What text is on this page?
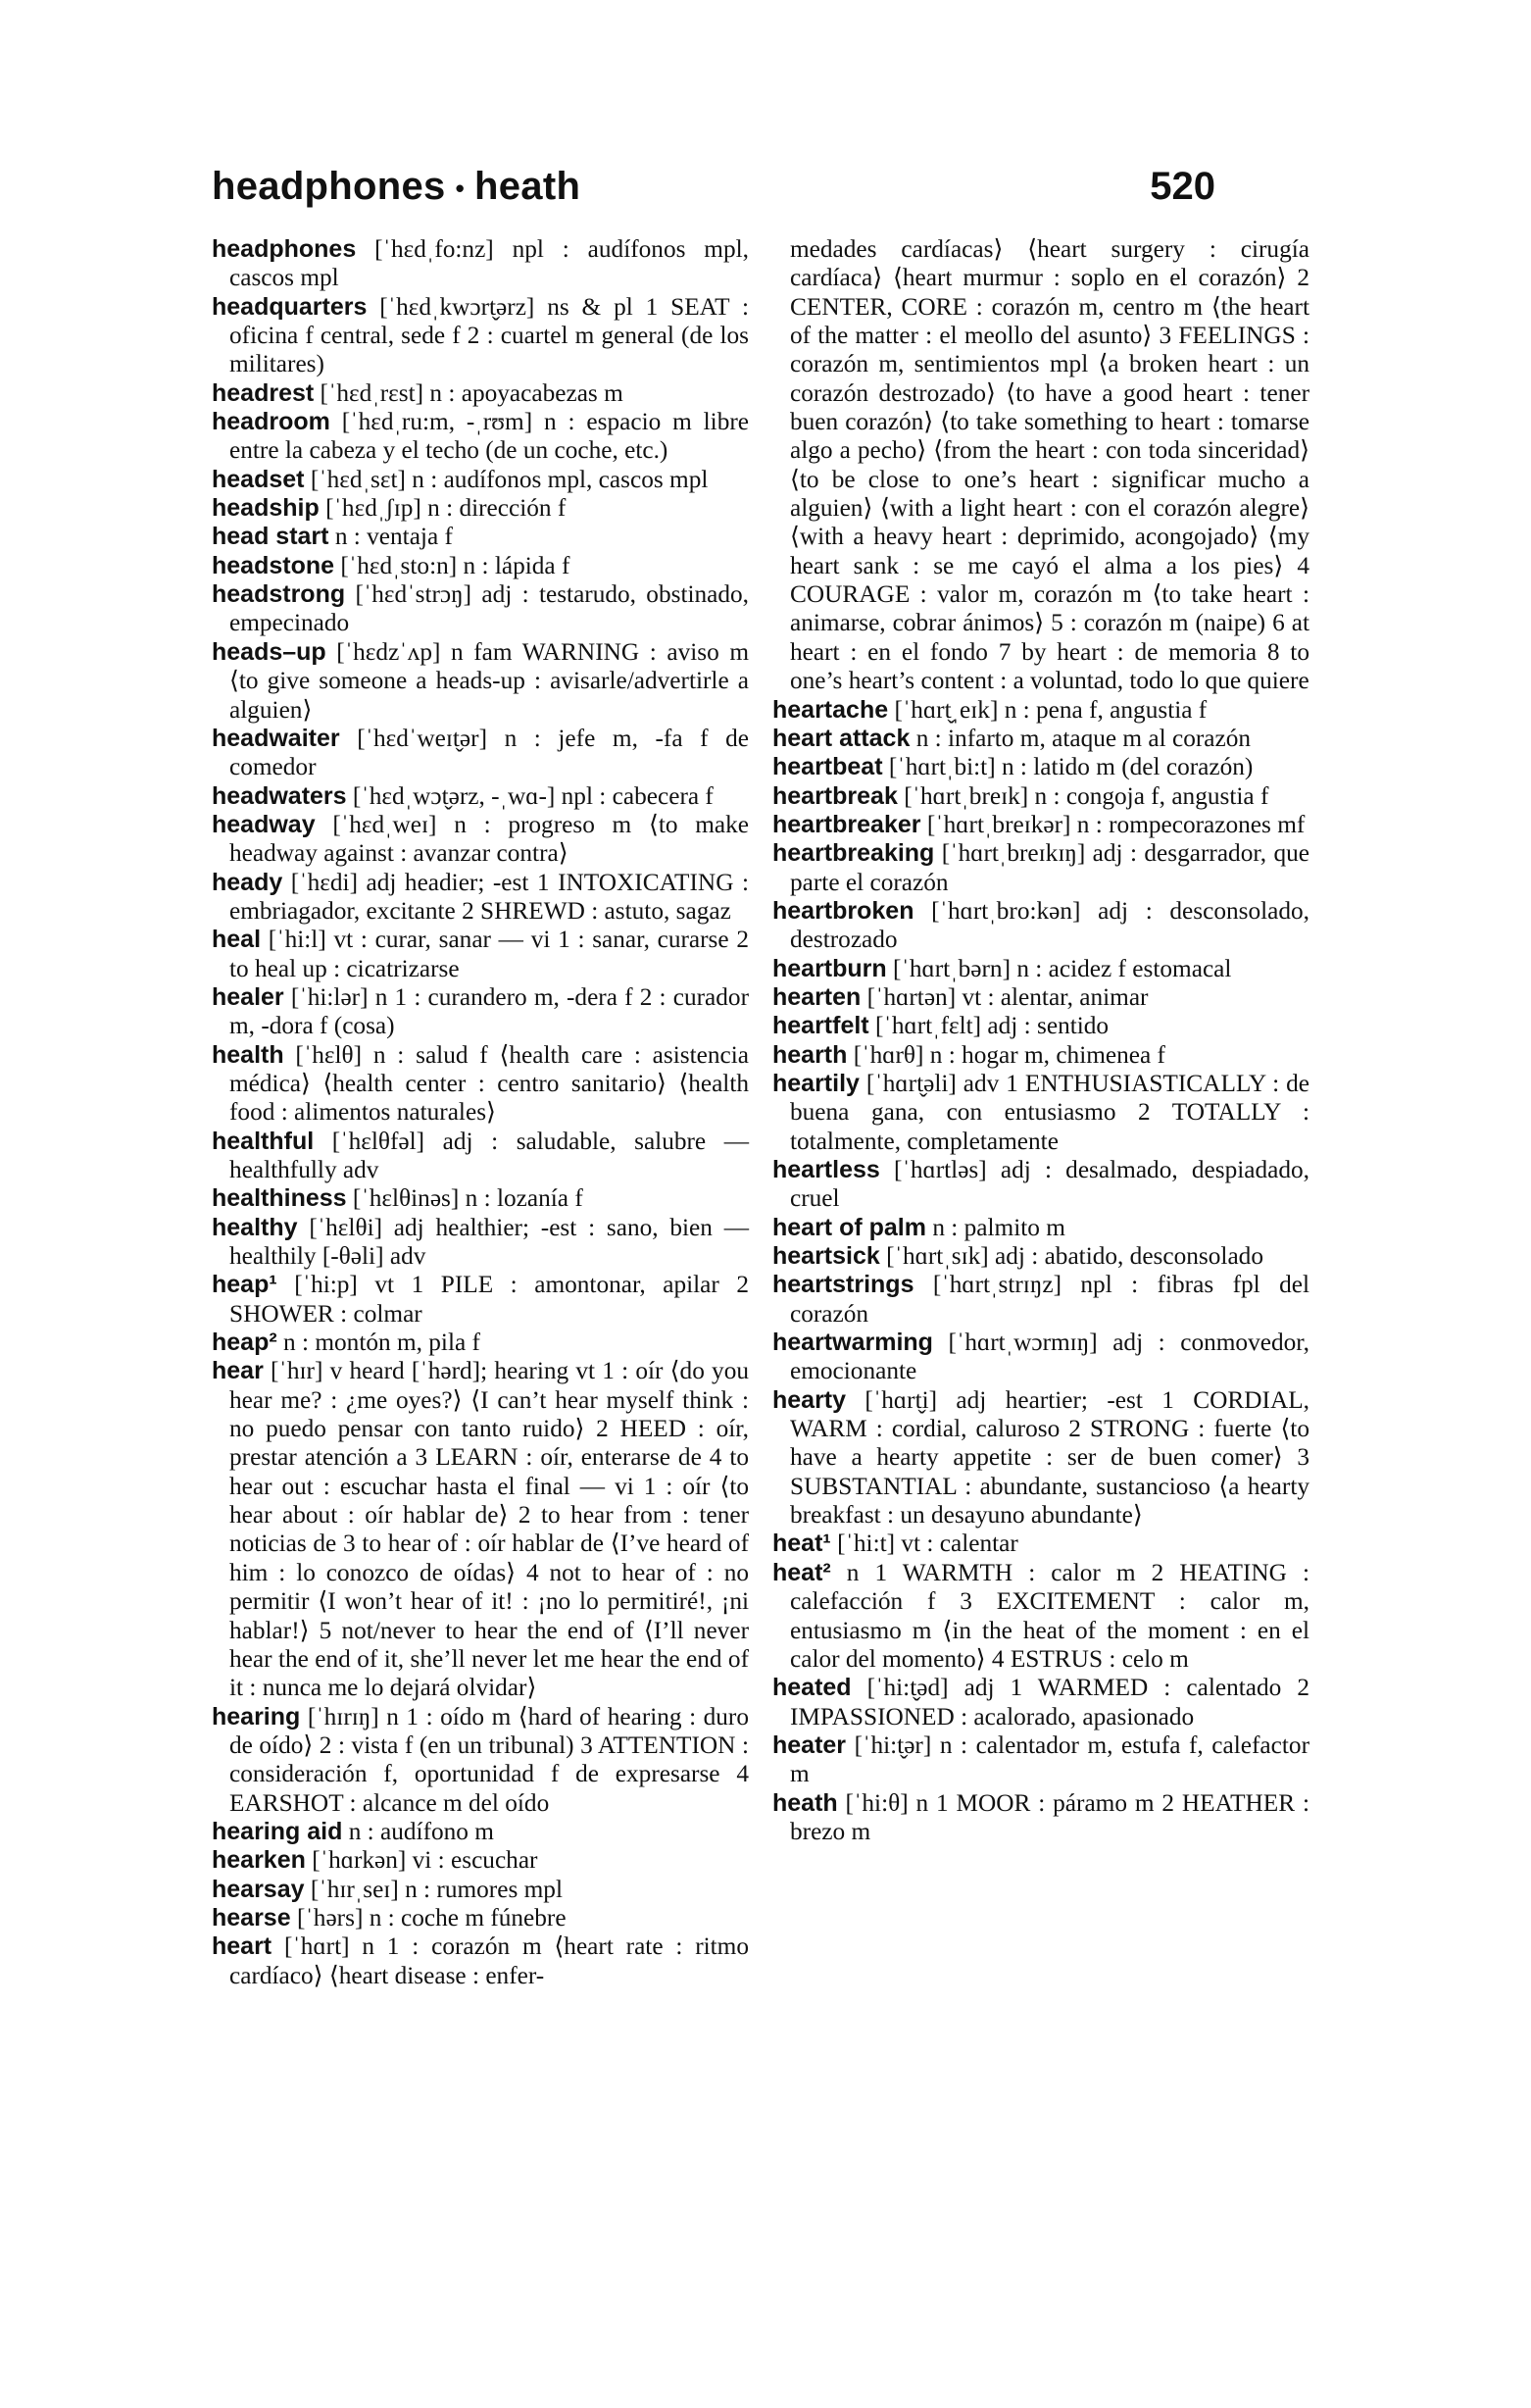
headphones • heath	520

headphones [ˈhɛdˌfo:nz] npl : audífonos mpl, cascos mpl

headquarters [ˈhɛdˌkwɔrt̬ərz] ns & pl 1 SEAT : oficina f central, sede f 2 : cuartel m general (de los militares)

headrest [ˈhɛdˌrɛst] n : apoyacabezas m

headroom [ˈhɛdˌru:m, -ˌrʊm] n : espacio m libre entre la cabeza y el techo (de un coche, etc.)

headset [ˈhɛdˌsɛt] n : audífonos mpl, cascos mpl

headship [ˈhɛdˌʃɪp] n : dirección f

head start n : ventaja f

headstone [ˈhɛdˌsto:n] n : lápida f

headstrong [ˈhɛdˈstrɔŋ] adj : testarudo, obstinado, empecinado

heads–up [ˈhɛdzˈʌp] n fam WARNING : aviso m ⟨to give someone a heads-up : avisarle/advertirle a alguien⟩

headwaiter [ˈhɛdˈweɪt̬ər] n : jefe m, -fa f de comedor

headwaters [ˈhɛdˌwɔt̬ərz, -ˌwɑ-] npl : cabecera f

headway [ˈhɛdˌweɪ] n : progreso m ⟨to make headway against : avanzar contra⟩

heady [ˈhɛdi] adj headier; -est 1 INTOXICATING : embriagador, excitante 2 SHREWD : astuto, sagaz

heal [ˈhi:l] vt : curar, sanar — vi 1 : sanar, curarse 2 to heal up : cicatrizarse

healer [ˈhi:lər] n 1 : curandero m, -dera f 2 : curador m, -dora f (cosa)

health [ˈhɛlθ] n : salud f ⟨health care : asistencia médica⟩ ⟨health center : centro sanitario⟩ ⟨health food : alimentos naturales⟩

healthful [ˈhɛlθfəl] adj : saludable, salubre — healthfully adv

healthiness [ˈhɛlθinəs] n : lozanía f

healthy [ˈhɛlθi] adj healthier; -est : sano, bien — healthily [-θəli] adv

heap¹ [ˈhi:p] vt 1 PILE : amontonar, apilar 2 SHOWER : colmar

heap² n : montón m, pila f

hear [ˈhɪr] v heard [ˈhərd]; hearing vt 1 : oír ⟨do you hear me? : ¿me oyes?⟩ ⟨I can’t hear myself think : no puedo pensar con tanto ruido⟩ 2 HEED : oír, prestar atención a 3 LEARN : oír, enterarse de 4 to hear out : escuchar hasta el final — vi 1 : oír ⟨to hear about : oír hablar de⟩ 2 to hear from : tener noticias de 3 to hear of : oír hablar de ⟨I’ve heard of him : lo conozco de oídas⟩ 4 not to hear of : no permitir ⟨I won’t hear of it! : ¡no lo permitiré!, ¡ni hablar!⟩ 5 not/never to hear the end of ⟨I’ll never hear the end of it, she’ll never let me hear the end of it : nunca me lo dejará olvidar⟩

hearing [ˈhɪrɪŋ] n 1 : oído m ⟨hard of hearing : duro de oído⟩ 2 : vista f (en un tribunal) 3 ATTENTION : consideración f, oportunidad f de expresarse 4 EARSHOT : alcance m del oído

hearing aid n : audífono m

hearken [ˈhɑrkən] vi : escuchar

hearsay [ˈhɪrˌseɪ] n : rumores mpl

hearse [ˈhərs] n : coche m fúnebre

heart [ˈhɑrt] n 1 : corazón m ⟨heart rate : ritmo cardíaco⟩ ⟨heart disease : enfer-

medades cardíacas⟩ ⟨heart surgery : cirugía cardíaca⟩ ⟨heart murmur : soplo en el corazón⟩ 2 CENTER, CORE : corazón m, centro m ⟨the heart of the matter : el meollo del asunto⟩ 3 FEELINGS : corazón m, sentimientos mpl ⟨a broken heart : un corazón destrozado⟩ ⟨to have a good heart : tener buen corazón⟩ ⟨to take something to heart : tomarse algo a pecho⟩ ⟨from the heart : con toda sinceridad⟩ ⟨to be close to one’s heart : significar mucho a alguien⟩ ⟨with a light heart : con el corazón alegre⟩ ⟨with a heavy heart : deprimido, acongojado⟩ ⟨my heart sank : se me cayó el alma a los pies⟩ 4 COURAGE : valor m, corazón m ⟨to take heart : animarse, cobrar ánimos⟩ 5 : corazón m (naipe) 6 at heart : en el fondo 7 by heart : de memoria 8 to one’s heart’s content : a voluntad, todo lo que quiere

heartache [ˈhɑrt̬ˌeɪk] n : pena f, angustia f

heart attack n : infarto m, ataque m al corazón

heartbeat [ˈhɑrtˌbi:t] n : latido m (del corazón)

heartbreak [ˈhɑrtˌbreɪk] n : congoja f, angustia f

heartbreaker [ˈhɑrtˌbreɪkər] n : rompecorazones mf

heartbreaking [ˈhɑrtˌbreɪkɪŋ] adj : desgarrador, que parte el corazón

heartbroken [ˈhɑrtˌbro:kən] adj : desconsolado, destrozado

heartburn [ˈhɑrtˌbərn] n : acidez f estomacal

hearten [ˈhɑrtən] vt : alentar, animar

heartfelt [ˈhɑrtˌfɛlt] adj : sentido

hearth [ˈhɑrθ] n : hogar m, chimenea f

heartily [ˈhɑrt̬əli] adv 1 ENTHUSIASTICALLY : de buena gana, con entusiasmo 2 TOTALLY : totalmente, completamente

heartless [ˈhɑrtləs] adj : desalmado, despiadado, cruel

heart of palm n : palmito m

heartsick [ˈhɑrtˌsɪk] adj : abatido, desconsolado

heartstrings [ˈhɑrtˌstrɪŋz] npl : fibras fpl del corazón

heartwarming [ˈhɑrtˌwɔrmɪŋ] adj : conmovedor, emocionante

hearty [ˈhɑrt̬i] adj heartier; -est 1 CORDIAL, WARM : cordial, caluroso 2 STRONG : fuerte ⟨to have a hearty appetite : ser de buen comer⟩ 3 SUBSTANTIAL : abundante, sustancioso ⟨a hearty breakfast : un desayuno abundante⟩

heat¹ [ˈhi:t] vt : calentar

heat² n 1 WARMTH : calor m 2 HEATING : calefacción f 3 EXCITEMENT : calor m, entusiasmo m ⟨in the heat of the moment : en el calor del momento⟩ 4 ESTRUS : celo m

heated [ˈhi:t̬əd] adj 1 WARMED : calentado 2 IMPASSIONED : acalorado, apasionado

heater [ˈhi:t̬ər] n : calentador m, estufa f, calefactor m

heath [ˈhi:θ] n 1 MOOR : páramo m 2 HEATHER : brezo m
